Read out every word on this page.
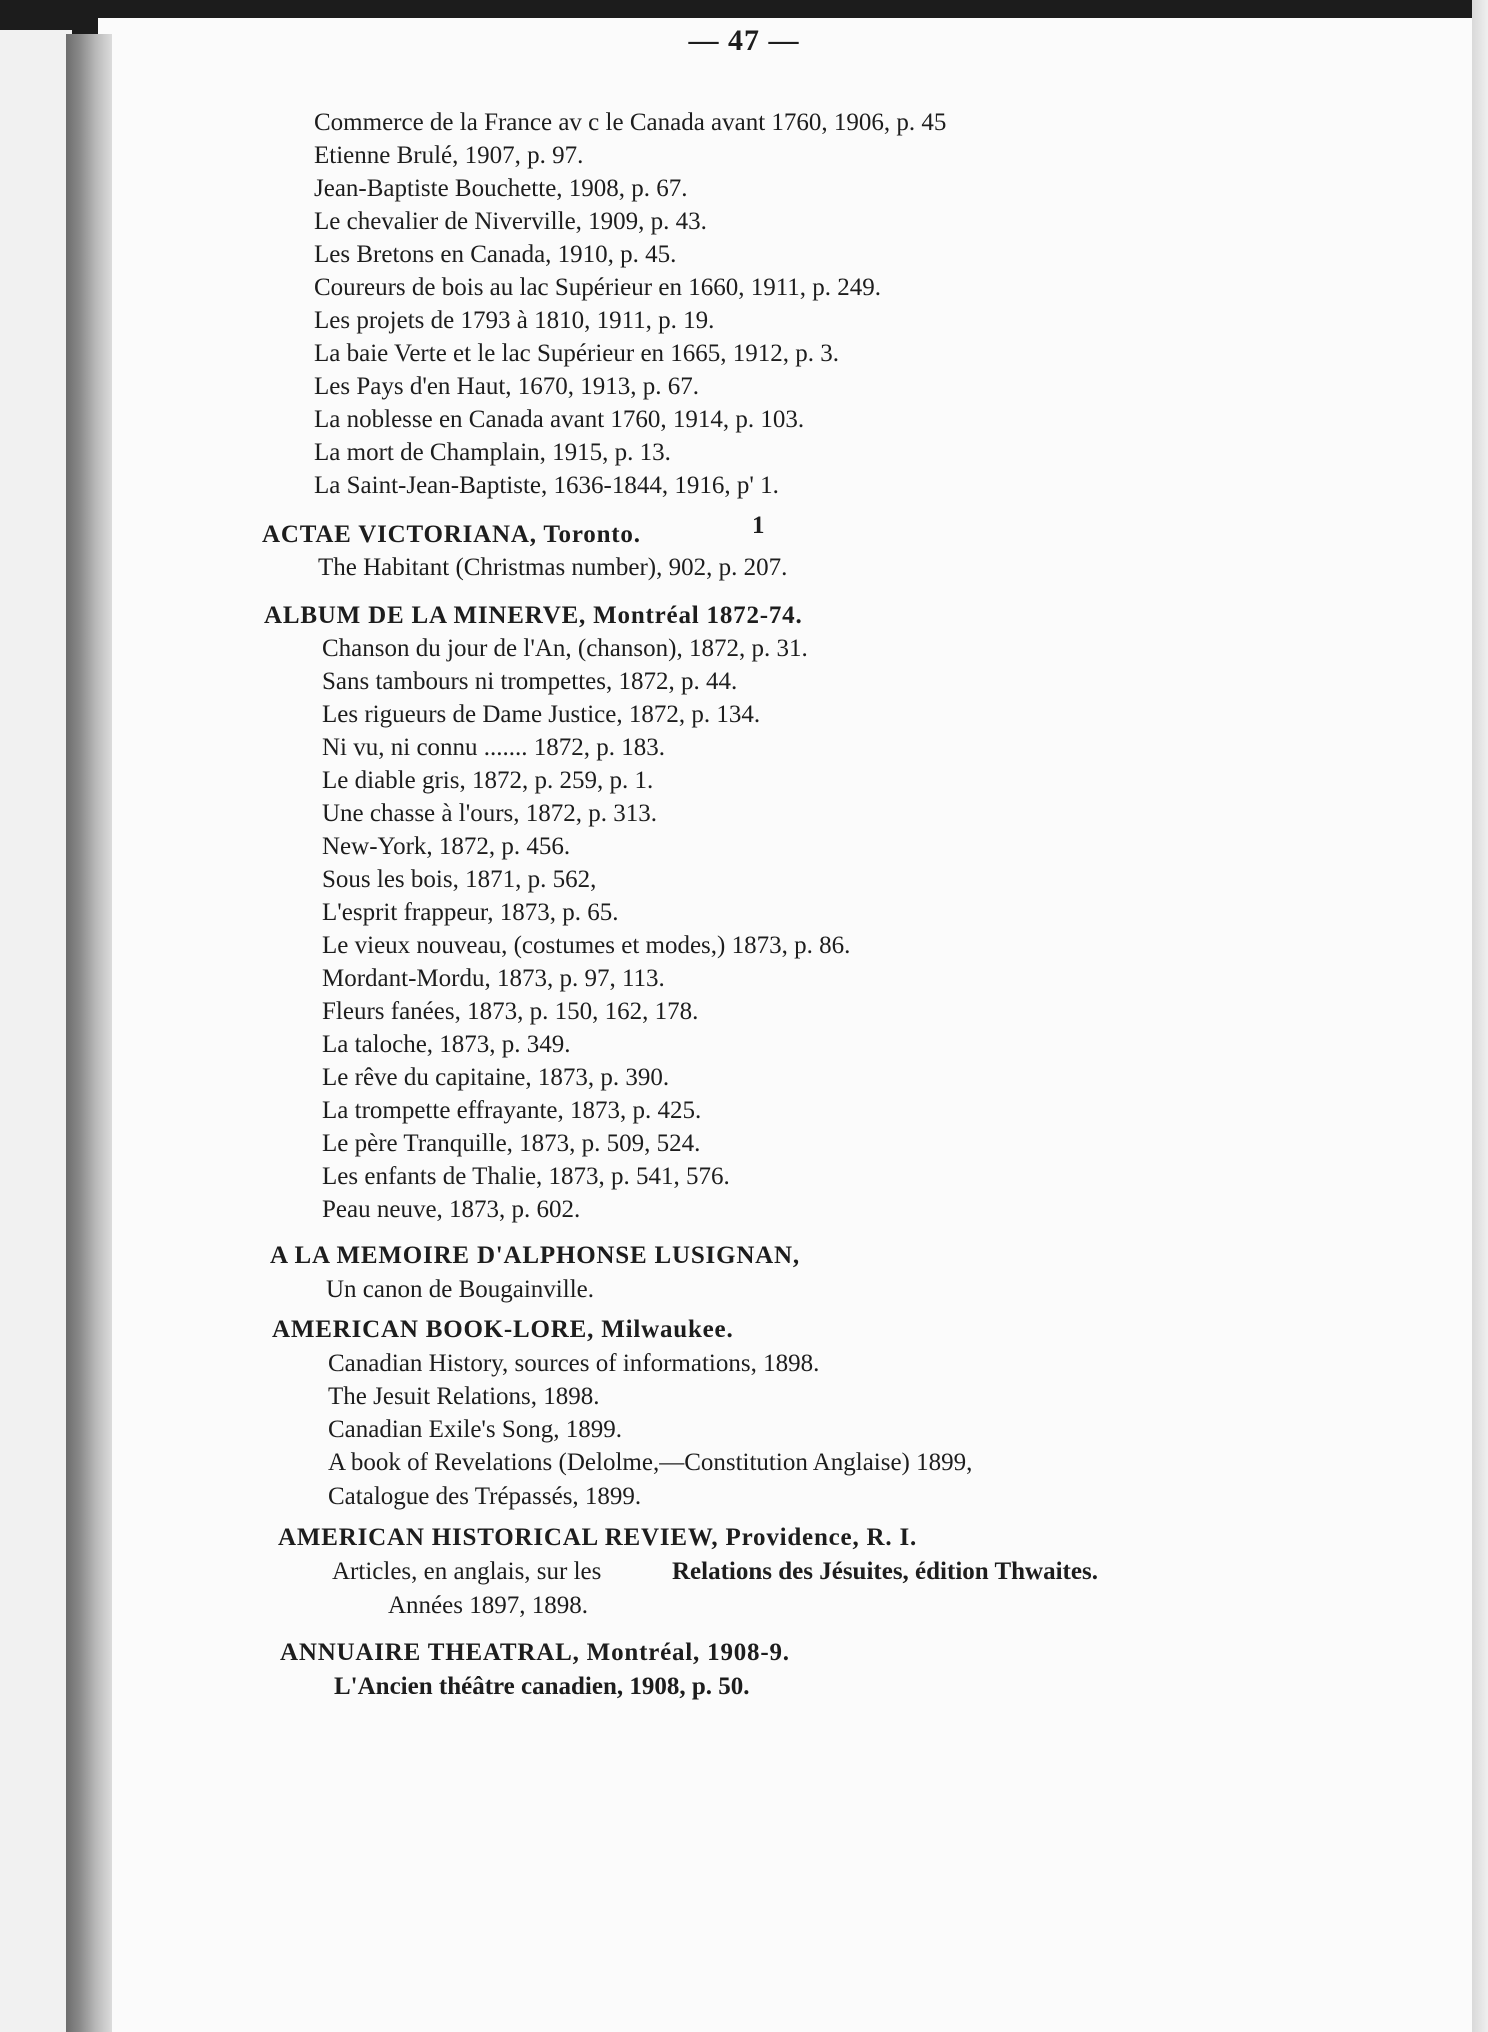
— 47 —
Commerce de la France av c le Canada avant 1760, 1906, p. 45
Etienne Brulé, 1907, p. 97.
Jean-Baptiste Bouchette, 1908, p. 67.
Le chevalier de Niverville, 1909, p. 43.
Les Bretons en Canada, 1910, p. 45.
Coureurs de bois au lac Supérieur en 1660, 1911, p. 249.
Les projets de 1793 à 1810, 1911, p. 19.
La baie Verte et le lac Supérieur en 1665, 1912, p. 3.
Les Pays d'en Haut, 1670, 1913, p. 67.
La noblesse en Canada avant 1760, 1914, p. 103.
La mort de Champlain, 1915, p. 13.
La Saint-Jean-Baptiste, 1636-1844, 1916, p' 1.
ACTAE VICTORIANA, Toronto.	1
The Habitant (Christmas number), 902, p. 207.
ALBUM DE LA MINERVE, Montréal 1872-74.
Chanson du jour de l'An, (chanson), 1872, p. 31.
Sans tambours ni trompettes, 1872, p. 44.
Les rigueurs de Dame Justice, 1872, p. 134.
Ni vu, ni connu ....... 1872, p. 183.
Le diable gris, 1872, p. 259, p. 1.
Une chasse à l'ours, 1872, p. 313.
New-York, 1872, p. 456.
Sous les bois, 1871, p. 562,
L'esprit frappeur, 1873, p. 65.
Le vieux nouveau, (costumes et modes,) 1873, p. 86.
Mordant-Mordu, 1873, p. 97, 113.
Fleurs fanées, 1873, p. 150, 162, 178.
La taloche, 1873, p. 349.
Le rêve du capitaine, 1873, p. 390.
La trompette effrayante, 1873, p. 425.
Le père Tranquille, 1873, p. 509, 524.
Les enfants de Thalie, 1873, p. 541, 576.
Peau neuve, 1873, p. 602.
A LA MEMOIRE D'ALPHONSE LUSIGNAN,
Un canon de Bougainville.
AMERICAN BOOK-LORE, Milwaukee.
Canadian History, sources of informations, 1898.
The Jesuit Relations, 1898.
Canadian Exile's Song, 1899.
A book of Revelations (Delolme,—Constitution Anglaise) 1899,
Catalogue des Trépassés, 1899.
AMERICAN HISTORICAL REVIEW, Providence, R. I.
Articles, en anglais, sur les	Relations des Jésuites, édition Thwaites.
Années 1897, 1898.
ANNUAIRE THEATRAL, Montréal, 1908-9.
L'Ancien théâtre canadien, 1908, p. 50.
